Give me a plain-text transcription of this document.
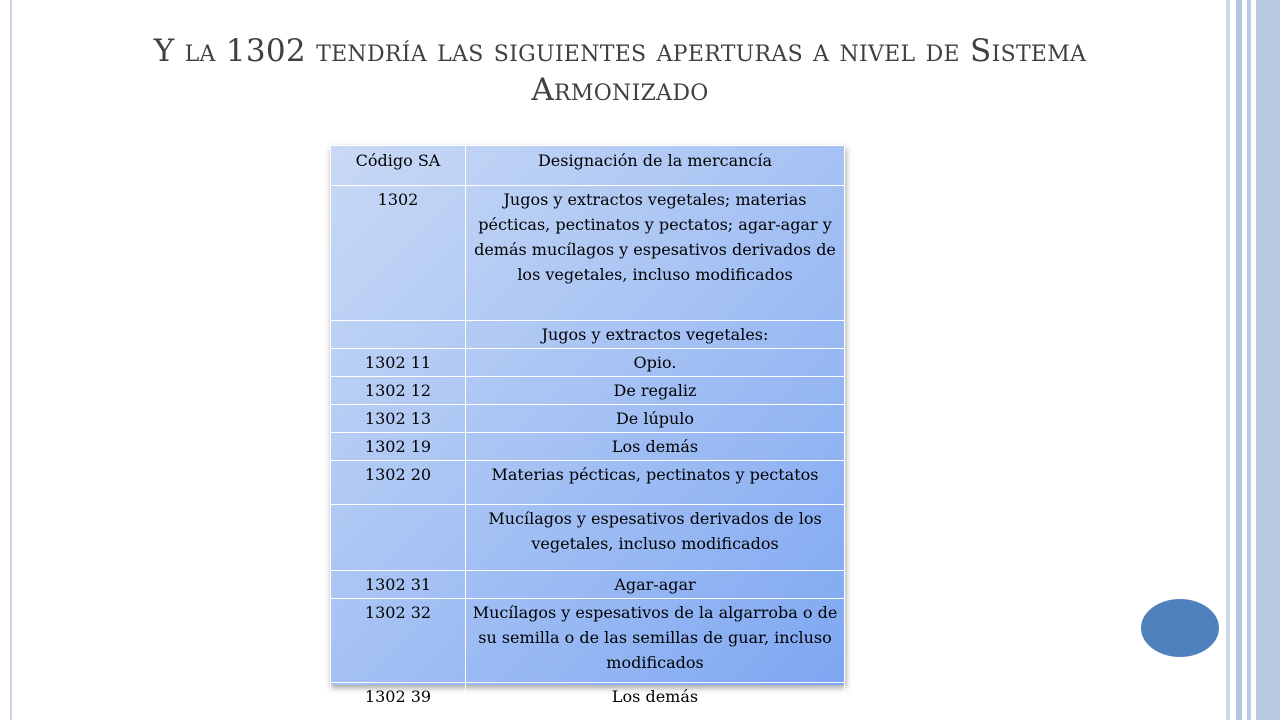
Y la 1302 tendría las siguientes aperturas a nivel de Sistema Armonizado
Código SA	Designación de la mercancía
1302	Jugos y extractos vegetales; materias pécticas, pectinatos y pectatos; agar-agar y demás mucílagos y espesativos derivados de los vegetales, incluso modificados
	Jugos y extractos vegetales:
1302 11	Opio.
1302 12	De regaliz
1302 13	De lúpulo
1302 19	Los demás
1302 20	Materias pécticas, pectinatos y pectatos
	Mucílagos y espesativos derivados de los vegetales, incluso modificados
1302 31	Agar-agar
1302 32	Mucílagos y espesativos de la algarroba o de su semilla o de las semillas de guar, incluso modificados
1302 39	Los demás
